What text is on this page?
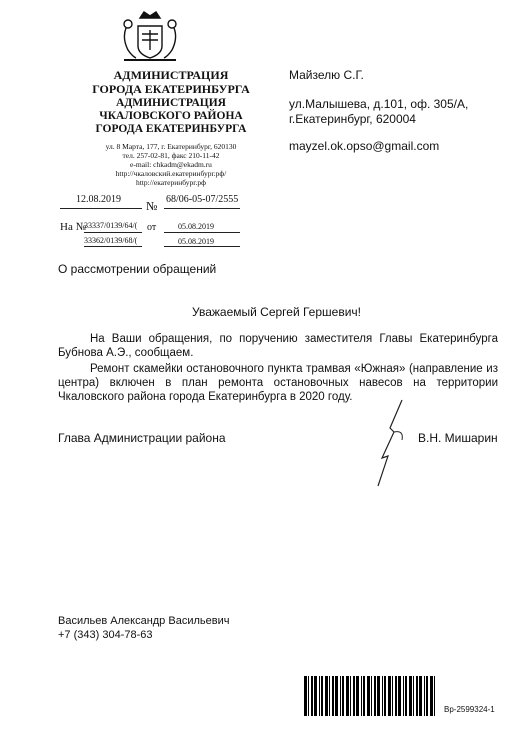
АДМИНИСТРАЦИЯ
ГОРОДА ЕКАТЕРИНБУРГА
АДМИНИСТРАЦИЯ
ЧКАЛОВСКОГО РАЙОНА
ГОРОДА ЕКАТЕРИНБУРГА
ул. 8 Марта, 177, г. Екатеринбург, 620130
тел. 257-02-81, факс 210-11-42
e-mail: chkadm@ekadm.ru
http://чкаловский.екатеринбург.рф/
http://екатеринбург.рф
12.08.2019 № 68/06-05-07/2555
На №
33337/0139/64/( от	05.08.2019
33362/0139/68/(	05.08.2019
Майзелю С.Г.
ул.Малышева, д.101, оф. 305/А,
г.Екатеринбург, 620004
mayzel.ok.opso@gmail.com
О рассмотрении обращений
Уважаемый Сергей Гершевич!
На Ваши обращения, по поручению заместителя Главы Екатеринбурга Бубнова А.Э., сообщаем.
Ремонт скамейки остановочного пункта трамвая «Южная» (направление из центра) включен в план ремонта остановочных навесов на территории Чкаловского района города Екатеринбурга в 2020 году.
Глава Администрации района	В.Н. Мишарин
Васильев Александр Васильевич
+7 (343) 304-78-63
Вр-2599324-1
